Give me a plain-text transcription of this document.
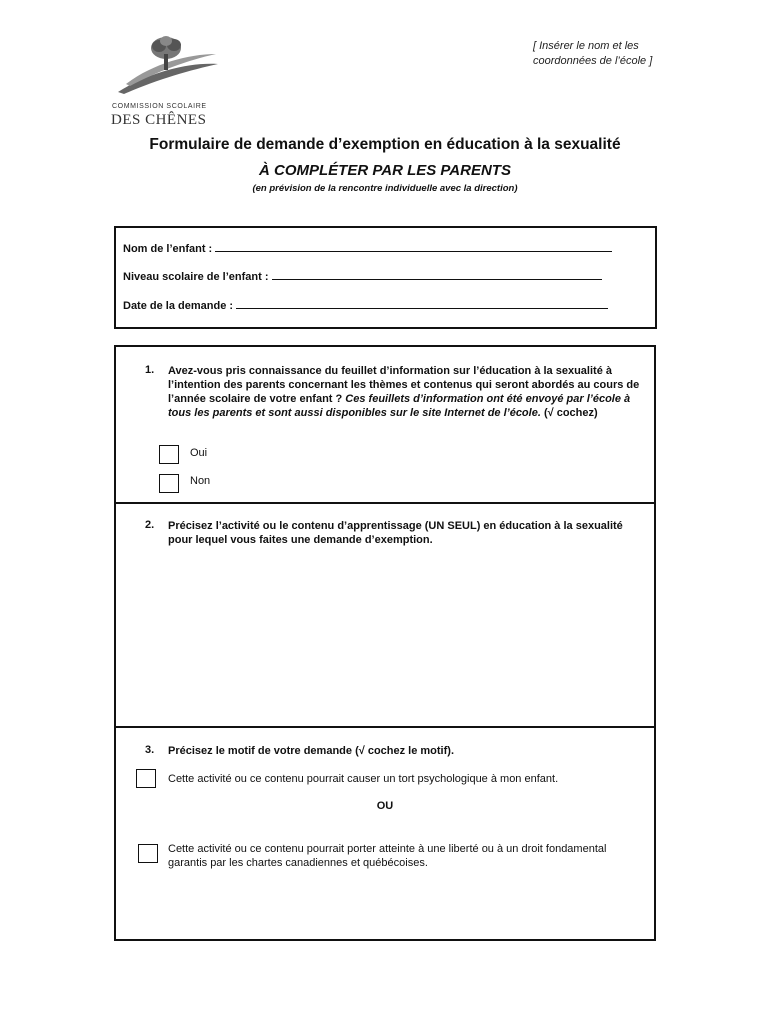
COMMISSION SCOLAIRE
DES CHÊNES
[ Insérer le nom et les coordonnées de l’école ]
Formulaire de demande d’exemption en éducation à la sexualité
À COMPLÉTER PAR LES PARENTS
(en prévision de la rencontre individuelle avec la direction)
Nom de l’enfant :
Niveau scolaire de l’enfant :
Date de la demande :
1. Avez-vous pris connaissance du feuillet d’information sur l’éducation à la sexualité à l’intention des parents concernant les thèmes et contenus qui seront abordés au cours de l’année scolaire de votre enfant ? Ces feuillets d’information ont été envoyé par l’école à tous les parents et sont aussi disponibles sur le site Internet de l’école. (√ cochez)
Oui
Non
2. Précisez l’activité ou le contenu d’apprentissage (UN SEUL) en éducation à la sexualité pour lequel vous faites une demande d’exemption.
3. Précisez le motif de votre demande (√ cochez le motif).
Cette activité ou ce contenu pourrait causer un tort psychologique à mon enfant.
OU
Cette activité ou ce contenu pourrait porter atteinte à une liberté ou à un droit fondamental garantis par les chartes canadiennes et québécoises.
